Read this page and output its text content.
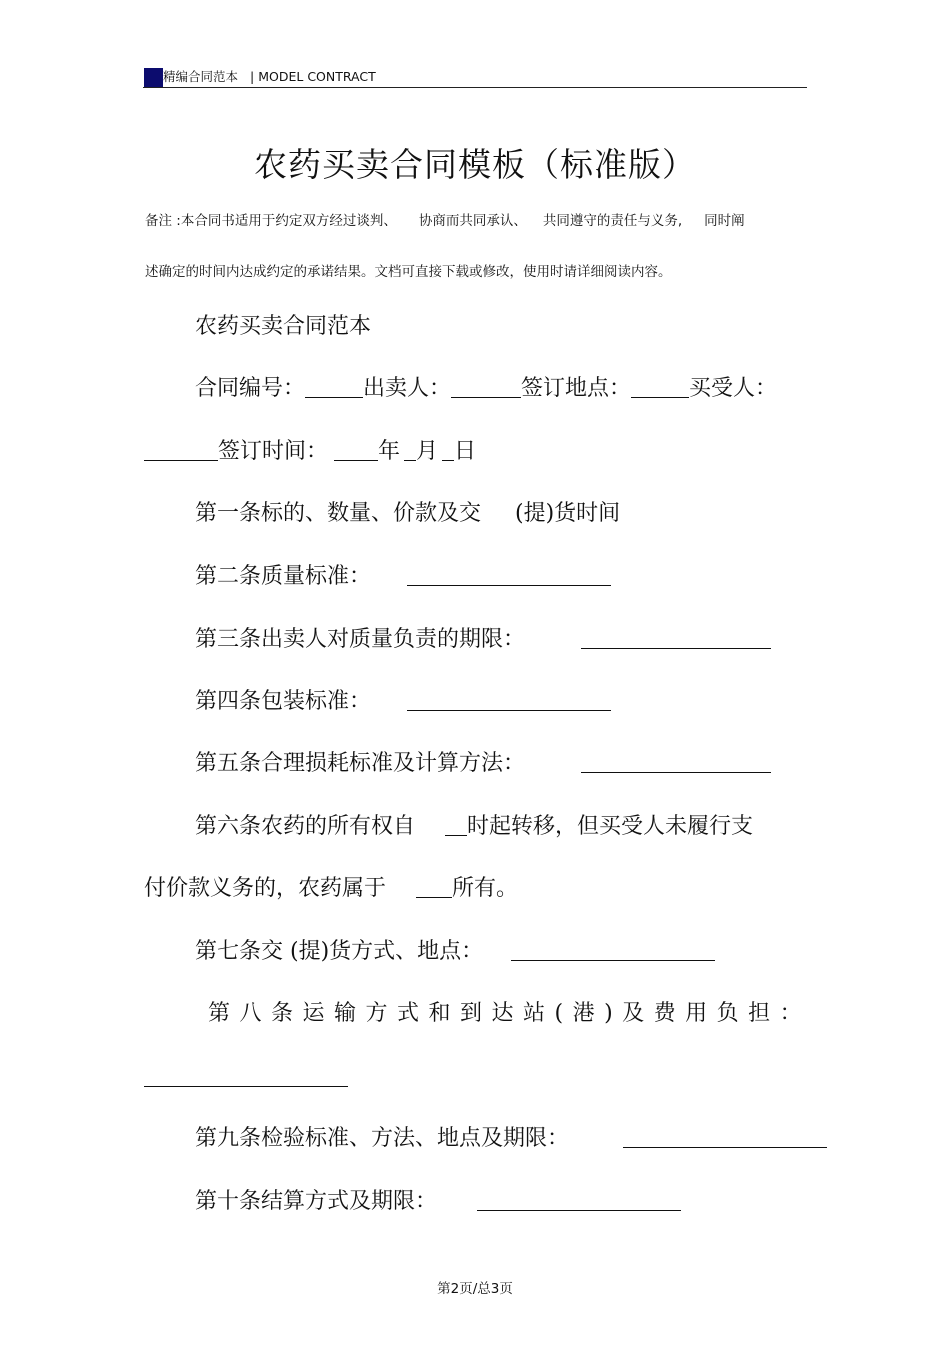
精编合同范本 | MODEL CONTRACT
农药买卖合同模板（标准版）
备注 :本合同书适用于约定双方经过谈判、 协商而共同承认、 共同遵守的责任与义务, 同时阐
述确定的时间内达成约定的承诺结果。文档可直接下载或修改，使用时请详细阅读内容。
农药买卖合同范本
合同编号：	出卖人：	签订地点：	买受人：
签订时间： 年 月 日
第一条标的、数量、价款及交 (提)货时间
第二条质量标准：
第三条出卖人对质量负责的期限：
第四条包装标准：
第五条合理损耗标准及计算方法：
第六条农药的所有权自 时起转移，但买受人未履行支
付价款义务的，农药属于	所有。
第七条交 (提)货方式、地点：
第八条运输方式和到达站(港)及费用负担：
第九条检验标准、方法、地点及期限：
第十条结算方式及期限：
第2页/总3页
